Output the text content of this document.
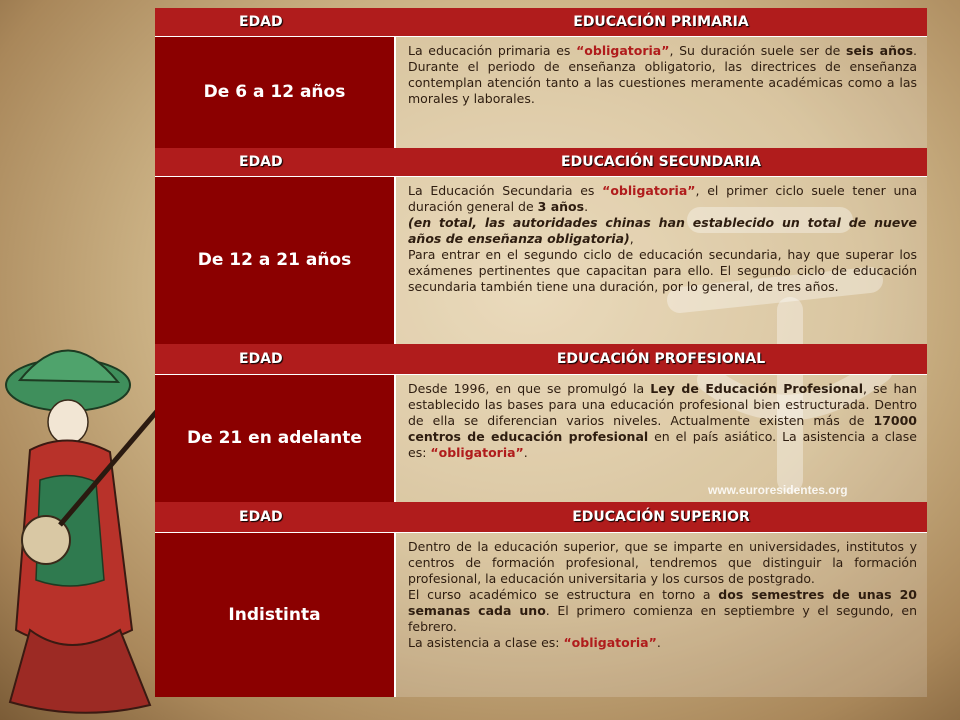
EDAD	EDUCACIÓN PRIMARIA
De 6 a 12 años	La educación primaria es “obligatoria”, Su duración suele ser de seis años. Durante el periodo de enseñanza obligatorio, las directrices de enseñanza contemplan atención tanto a las cuestiones meramente académicas como a las morales y laborales.

EDAD	EDUCACIÓN SECUNDARIA
De 12 a 21 años	La Educación Secundaria es “obligatoria”, el primer ciclo suele tener una duración general de 3 años.

(en total, las autoridades chinas han establecido un total de nueve años de enseñanza obligatoria),

Para entrar en el segundo ciclo de educación secundaria, hay que superar los exámenes pertinentes que capacitan para ello. El segundo ciclo de educación secundaria también tiene una duración, por lo general, de tres años.

EDAD	EDUCACIÓN PROFESIONAL
De 21 en adelante	Desde 1996, en que se promulgó la Ley de Educación Profesional, se han establecido las bases para una educación profesional bien estructurada. Dentro de ella se diferencian varios niveles. Actualmente existen más de 17000 centros de educación profesional en el país asiático. La asistencia a clase es: “obligatoria”.

EDAD	EDUCACIÓN SUPERIOR
Indistinta	Dentro de la educación superior, que se imparte en universidades, institutos y centros de formación profesional, tendremos que distinguir la formación profesional, la educación universitaria y los cursos de postgrado.

El curso académico se estructura en torno a dos semestres de unas 20 semanas cada uno. El primero comienza en septiembre y el segundo, en febrero.

La asistencia a clase es: “obligatoria”.

www.euroresidentes.org
